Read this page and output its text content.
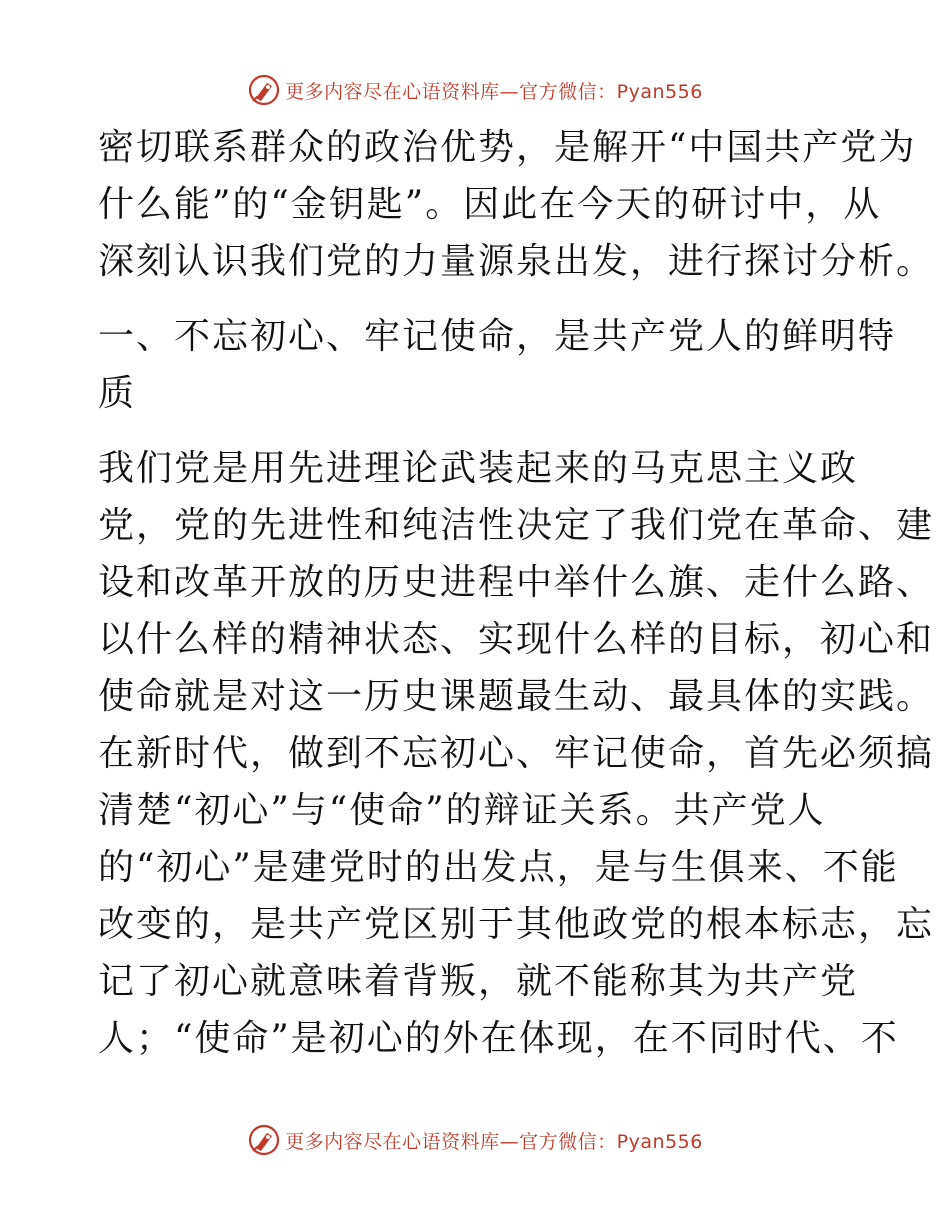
更多内容尽在心语资料库—官方微信：Pyan556
密切联系群众的政治优势，是解开“中国共产党为
什么能”的“金钥匙”。因此在今天的研讨中，从
深刻认识我们党的力量源泉出发，进行探讨分析。
一、不忘初心、牢记使命，是共产党人的鲜明特
质
我们党是用先进理论武装起来的马克思主义政
党，党的先进性和纯洁性决定了我们党在革命、建
设和改革开放的历史进程中举什么旗、走什么路、
以什么样的精神状态、实现什么样的目标，初心和
使命就是对这一历史课题最生动、最具体的实践。
在新时代，做到不忘初心、牢记使命，首先必须搞
清楚“初心”与“使命”的辩证关系。共产党人
的“初心”是建党时的出发点，是与生俱来、不能
改变的，是共产党区别于其他政党的根本标志，忘
记了初心就意味着背叛，就不能称其为共产党
人；“使命”是初心的外在体现，在不同时代、不
更多内容尽在心语资料库—官方微信：Pyan556
